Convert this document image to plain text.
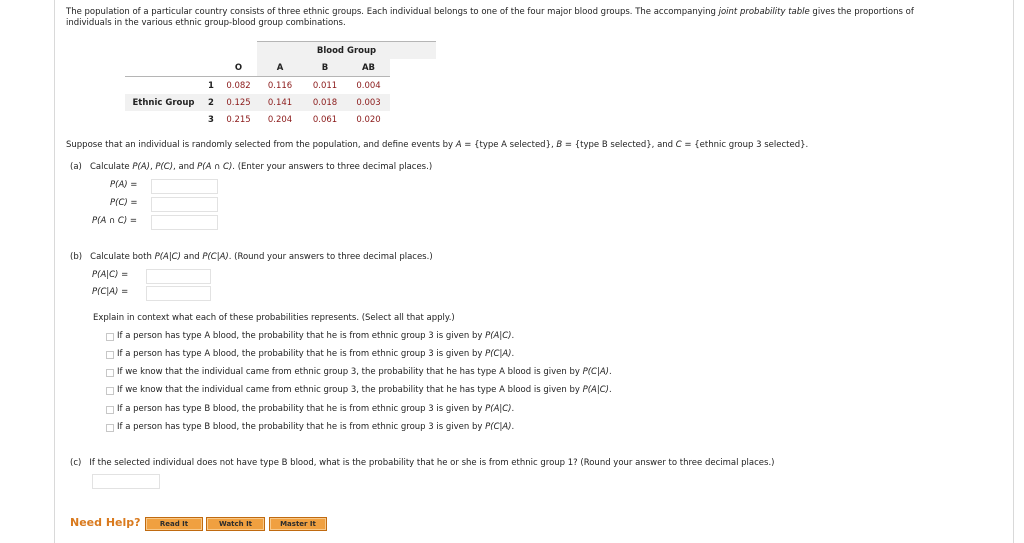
The population of a particular country consists of three ethnic groups. Each individual belongs to one of the four major blood groups. The accompanying joint probability table gives the proportions of
individuals in the various ethnic group-blood group combinations.
			Blood Group		
		O	A	B	AB
	1	0.082	0.116	0.011	0.004
Ethnic Group	2	0.125	0.141	0.018	0.003
	3	0.215	0.204	0.061	0.020
Suppose that an individual is randomly selected from the population, and define events by A = {type A selected}, B = {type B selected}, and C = {ethnic group 3 selected}.
(a) Calculate P(A), P(C), and P(A ∩ C). (Enter your answers to three decimal places.)
P(A) =
P(C) =
P(A ∩ C) =
(b) Calculate both P(A|C) and P(C|A). (Round your answers to three decimal places.)
P(A|C) =
P(C|A) =
Explain in context what each of these probabilities represents. (Select all that apply.)
If a person has type A blood, the probability that he is from ethnic group 3 is given by P(A|C).
If a person has type A blood, the probability that he is from ethnic group 3 is given by P(C|A).
If we know that the individual came from ethnic group 3, the probability that he has type A blood is given by P(C|A).
If we know that the individual came from ethnic group 3, the probability that he has type A blood is given by P(A|C).
If a person has type B blood, the probability that he is from ethnic group 3 is given by P(A|C).
If a person has type B blood, the probability that he is from ethnic group 3 is given by P(C|A).
(c) If the selected individual does not have type B blood, what is the probability that he or she is from ethnic group 1? (Round your answer to three decimal places.)
Need Help?	Read It	Watch It	Master It
